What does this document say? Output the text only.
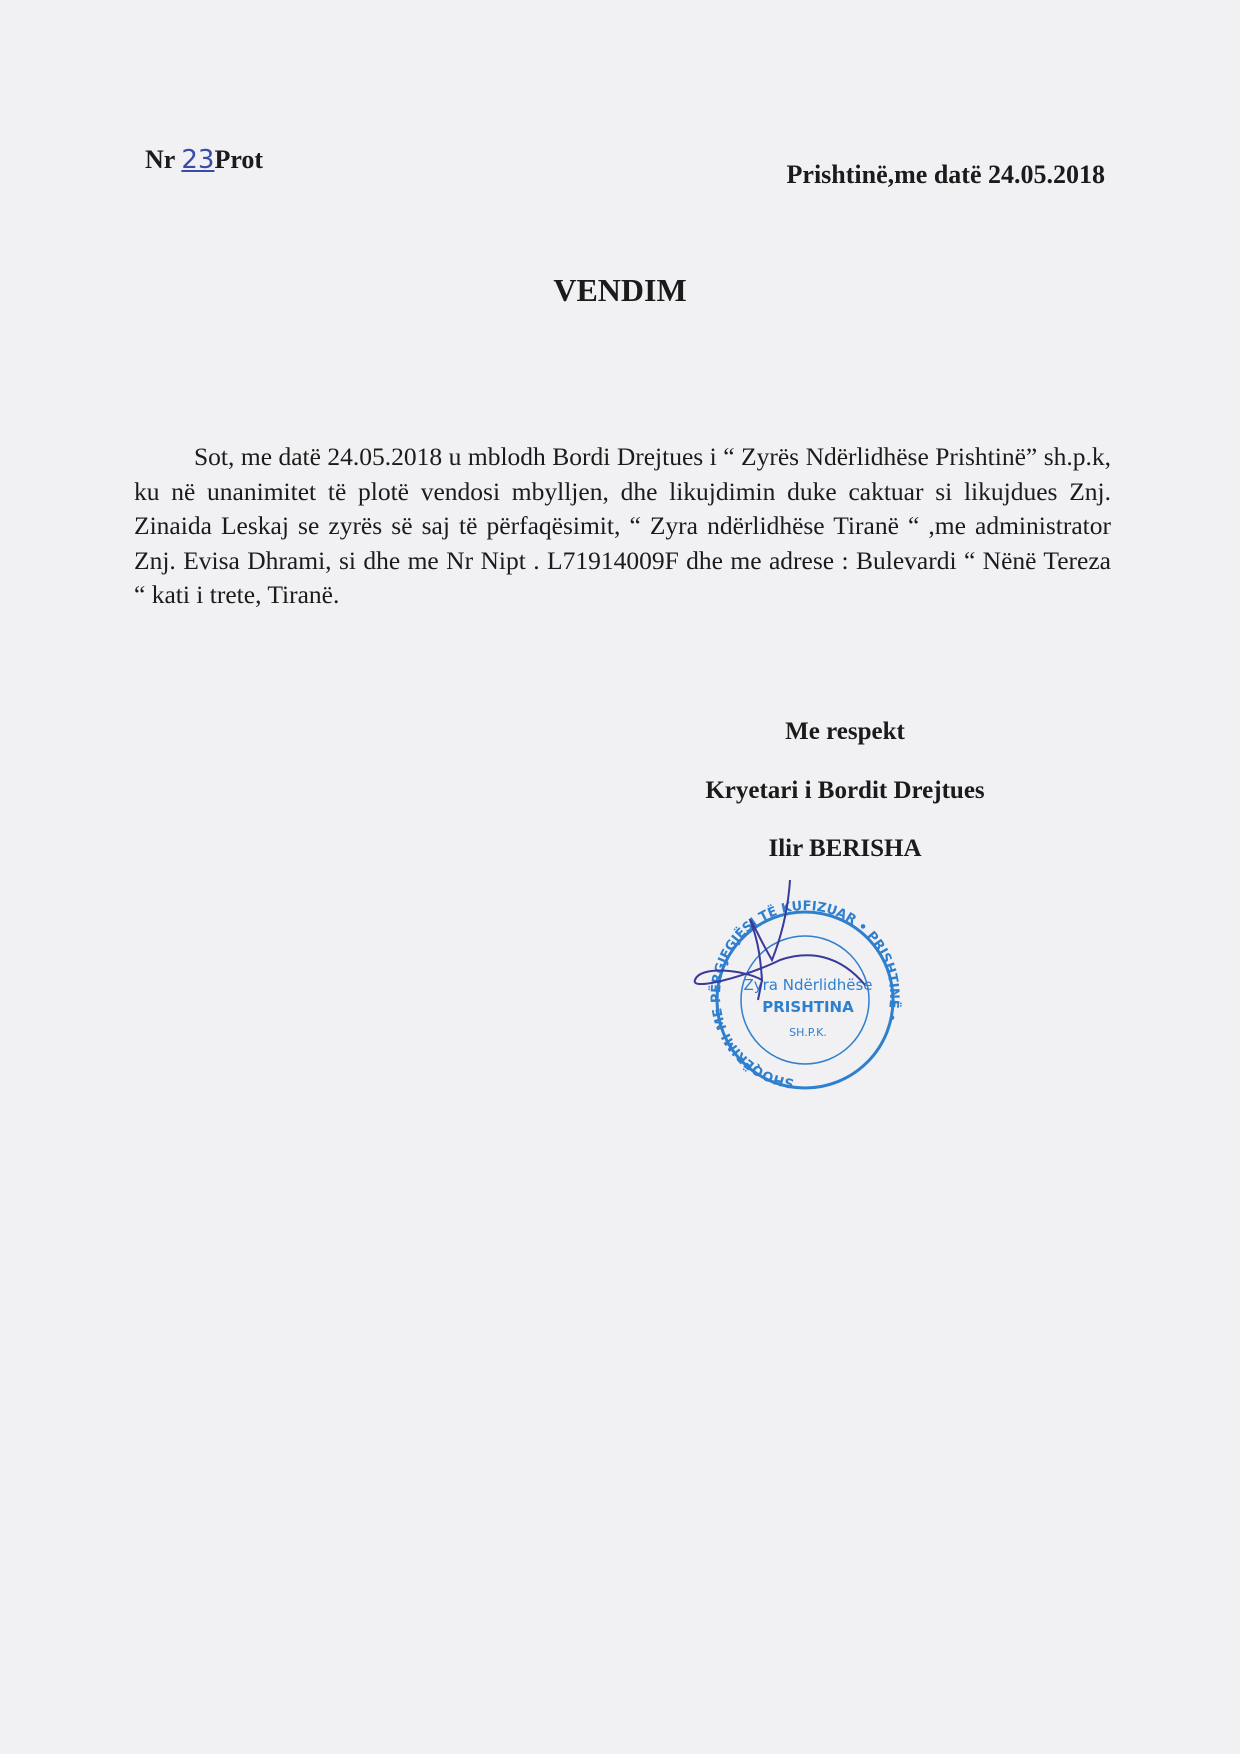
Nr 23Prot
Prishtinë,me datë 24.05.2018
VENDIM
Sot, me datë 24.05.2018 u mblodh Bordi Drejtues i “ Zyrës Ndërlidhëse Prishtinë” sh.p.k, ku në unanimitet të plotë vendosi mbylljen, dhe likujdimin duke caktuar si likujdues Znj. Zinaida Leskaj se zyrës së saj të përfaqësimit, “ Zyra ndërlidhëse Tiranë “ ,me administrator Znj. Evisa Dhrami, si dhe me Nr Nipt . L71914009F dhe me adrese : Bulevardi “ Nënë Tereza “ kati i trete, Tiranë.
Me respekt
Kryetari i Bordit Drejtues
Ilir BERISHA
SHOQËRIMI ME PËRGJEGJËSI TË KUFIZUAR • PRISHTINË •
Zyra Ndërlidhëse
PRISHTINA
SH.P.K.
